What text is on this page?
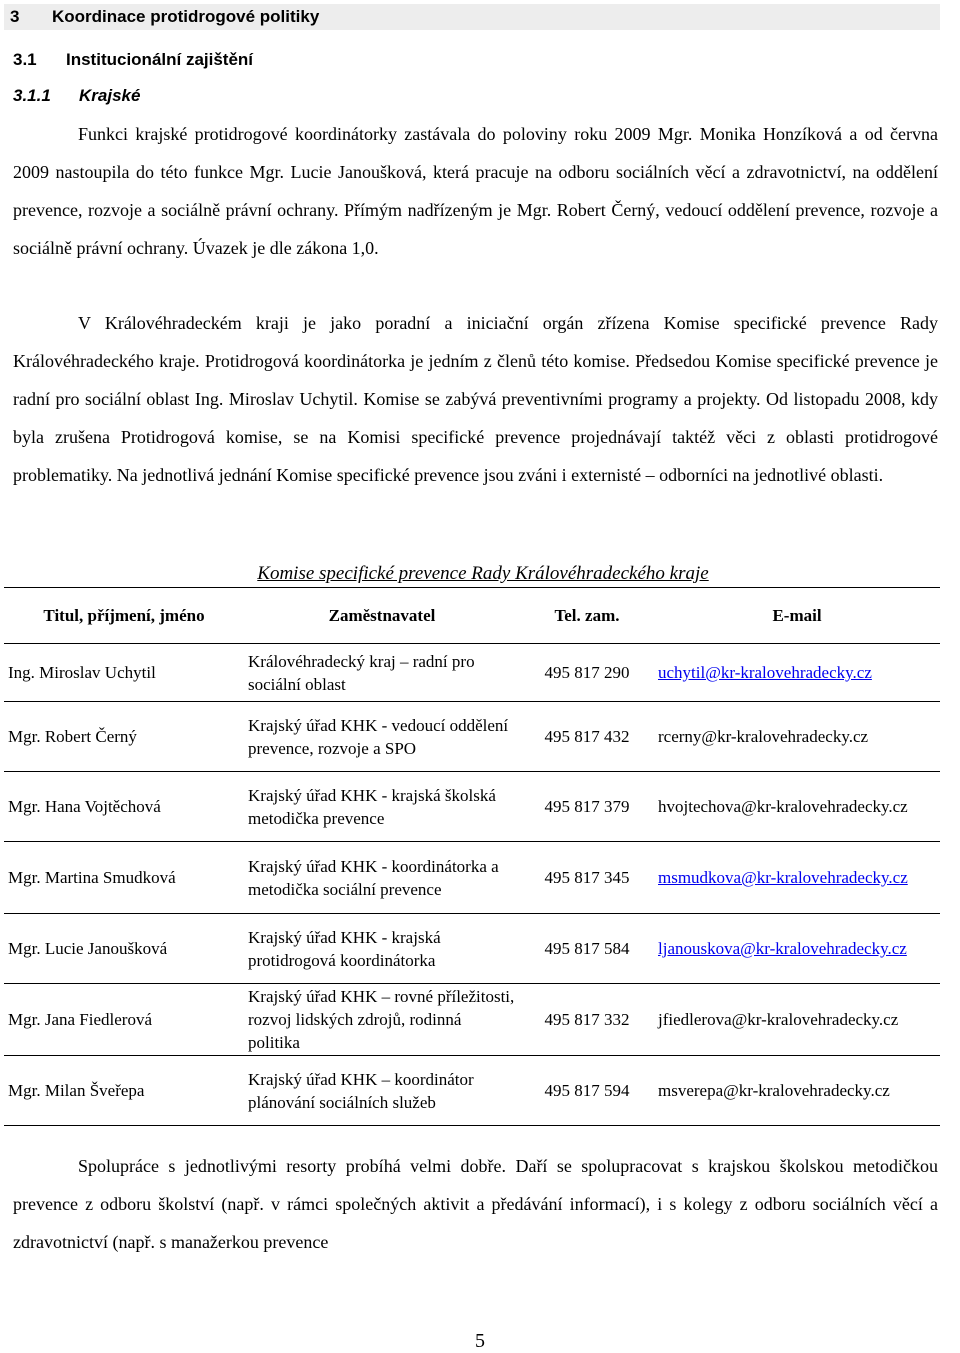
3 Koordinace protidrogové politiky
3.1 Institucionální zajištění
3.1.1 Krajské

Funkci krajské protidrogové koordinátorky zastávala do poloviny roku 2009 Mgr. Monika Honzíková a od června 2009 nastoupila do této funkce Mgr. Lucie Janoušková, která pracuje na odboru sociálních věcí a zdravotnictví, na oddělení prevence, rozvoje a sociálně právní ochrany. Přímým nadřízeným je Mgr. Robert Černý, vedoucí oddělení prevence, rozvoje a sociálně právní ochrany. Úvazek je dle zákona 1,0.

V Královéhradeckém kraji je jako poradní a iniciační orgán zřízena Komise specifické prevence Rady Královéhradeckého kraje. Protidrogová koordinátorka je jedním z členů této komise. Předsedou Komise specifické prevence je radní pro sociální oblast Ing. Miroslav Uchytil. Komise se zabývá preventivními programy a projekty. Od listopadu 2008, kdy byla zrušena Protidrogová komise, se na Komisi specifické prevence projednávají taktéž věci z oblasti protidrogové problematiky. Na jednotlivá jednání Komise specifické prevence jsou zváni i externisté – odborníci na jednotlivé oblasti.

Komise specifické prevence Rady Královéhradeckého kraje
Titul, příjmení, jméno	Zaměstnavatel	Tel. zam.	E-mail
Ing. Miroslav Uchytil	Královéhradecký kraj – radní pro sociální oblast	495 817 290	uchytil@kr-kralovehradecky.cz
Mgr. Robert Černý	Krajský úřad KHK - vedoucí oddělení prevence, rozvoje a SPO	495 817 432	rcerny@kr-kralovehradecky.cz
Mgr. Hana Vojtěchová	Krajský úřad KHK - krajská školská metodička prevence	495 817 379	hvojtechova@kr-kralovehradecky.cz
Mgr. Martina Smudková	Krajský úřad KHK - koordinátorka a metodička sociální prevence	495 817 345	msmudkova@kr-kralovehradecky.cz
Mgr. Lucie Janoušková	Krajský úřad KHK - krajská protidrogová koordinátorka	495 817 584	ljanouskova@kr-kralovehradecky.cz
Mgr. Jana Fiedlerová	Krajský úřad KHK – rovné příležitosti, rozvoj lidských zdrojů, rodinná politika	495 817 332	jfiedlerova@kr-kralovehradecky.cz
Mgr. Milan Šveřepa	Krajský úřad KHK – koordinátor plánování sociálních služeb	495 817 594	msverepa@kr-kralovehradecky.cz

Spolupráce s jednotlivými resorty probíhá velmi dobře. Daří se spolupracovat s krajskou školskou metodičkou prevence z odboru školství (např. v rámci společných aktivit a předávání informací), i s kolegy z odboru sociálních věcí a zdravotnictví (např. s manažerkou prevence

5
